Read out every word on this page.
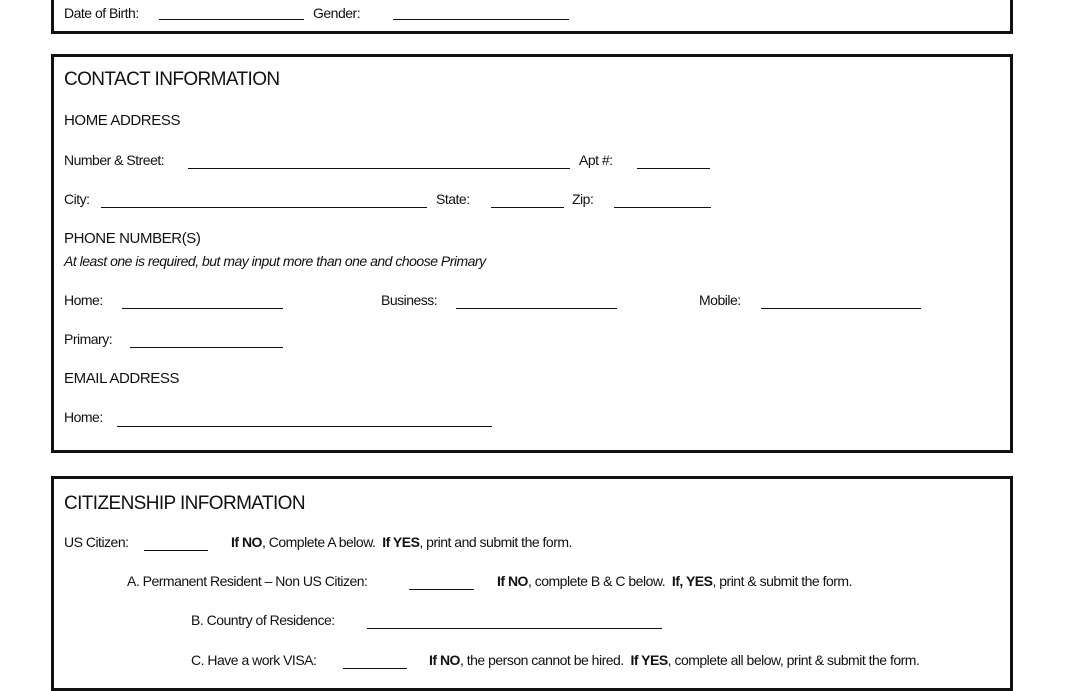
Date of Birth:	Gender:
CONTACT INFORMATION
HOME ADDRESS
Number & Street:	Apt #:
City:	State:	Zip:
PHONE NUMBER(S)
At least one is required, but may input more than one and choose Primary
Home:	Business:	Mobile:
Primary:
EMAIL ADDRESS
Home:
CITIZENSHIP INFORMATION
US Citizen:	If NO, Complete A below. If YES, print and submit the form.
A. Permanent Resident – Non US Citizen:	If NO, complete B & C below. If, YES, print & submit the form.
B. Country of Residence:
C. Have a work VISA:	If NO, the person cannot be hired. If YES, complete all below, print & submit the form.
